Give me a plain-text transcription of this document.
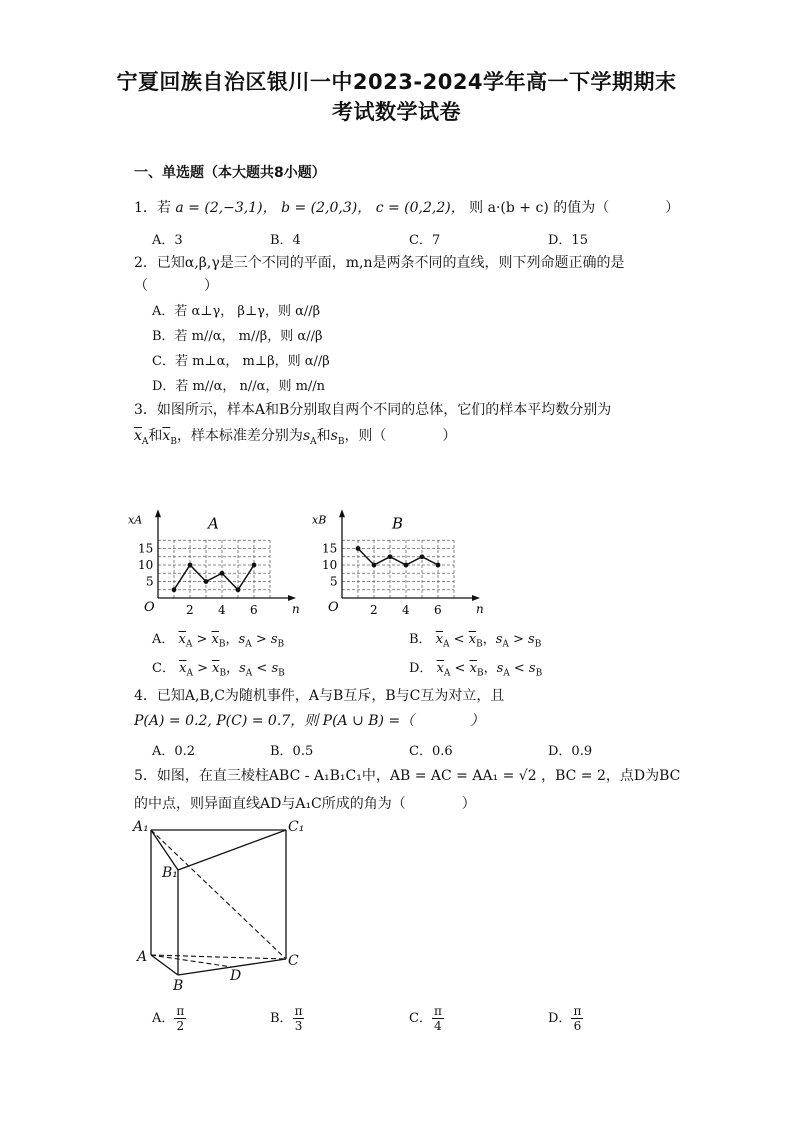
宁夏回族自治区银川一中2023-2024学年高一下学期期末
考试数学试卷
一、单选题（本大题共8小题）
1．若 a = (2,−3,1)， b = (2,0,3)， c = (0,2,2)， 则 a·(b + c) 的值为（　　　　）
A．3	B．4	C．7	D．15
2．已知α,β,γ是三个不同的平面，m,n是两条不同的直线，则下列命题正确的是
（　　　　）
A．若 α⊥γ， β⊥γ，则 α//β
B．若 m//α， m//β，则 α//β
C．若 m⊥α， m⊥β，则 α//β
D．若 m//α， n//α，则 m//n
3．如图所示，样本A和B分别取自两个不同的总体，它们的样本平均数分别为
$\overline{x}_A$和$\overline{x}_B$，样本标准差分别为$s_A$和$s_B$，则（　　　　）
xA
n
O
A
2 4 6
5
10
15
xB
n
O
B
2 4 6
5
10
15
A． $\overline{x}_A > \overline{x}_B$，$s_A > s_B$	B． $\overline{x}_A < \overline{x}_B$，$s_A > s_B$
C． $\overline{x}_A > \overline{x}_B$，$s_A < s_B$	D． $\overline{x}_A < \overline{x}_B$，$s_A < s_B$
4．已知A,B,C为随机事件，A与B互斥，B与C互为对立，且
P(A) = 0.2, P(C) = 0.7，则 P(A ∪ B) =（　　　　）
A．0.2	B．0.5	C．0.6	D．0.9
5．如图，在直三棱柱ABC - A₁B₁C₁中，AB = AC = AA₁ = √2 ，BC = 2，点D为BC
的中点，则异面直线AD与A₁C所成的角为（　　　　）
A₁	C₁
B₁
A
B
C
D
A． $\frac{\pi}{2}$	B． $\frac{\pi}{3}$	C． $\frac{\pi}{4}$	D． $\frac{\pi}{6}$
